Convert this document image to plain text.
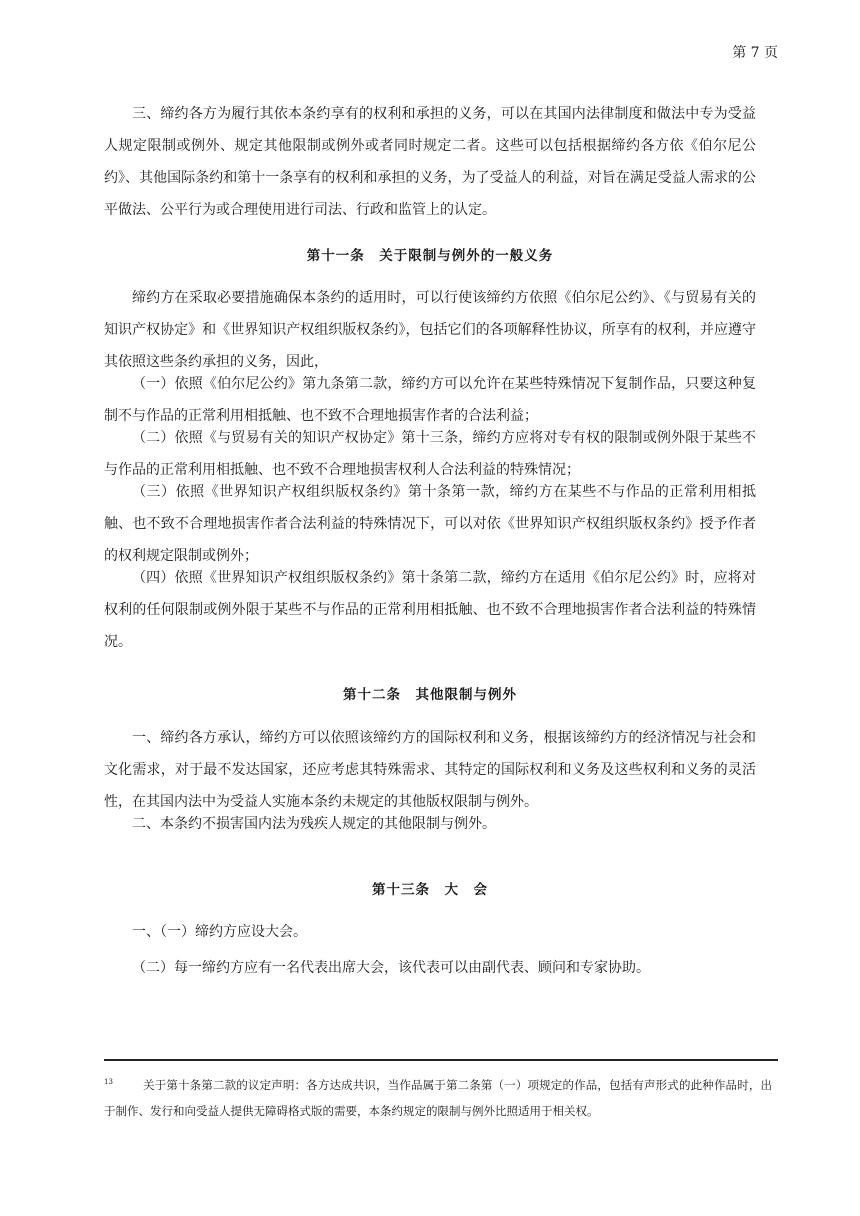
第 7 页

三、缔约各方为履行其依本条约享有的权利和承担的义务，可以在其国内法律制度和做法中专为受益人规定限制或例外、规定其他限制或例外或者同时规定二者。这些可以包括根据缔约各方依《伯尔尼公约》、其他国际条约和第十一条享有的权利和承担的义务，为了受益人的利益，对旨在满足受益人需求的公平做法、公平行为或合理使用进行司法、行政和监管上的认定。

第十一条　关于限制与例外的一般义务

缔约方在采取必要措施确保本条约的适用时，可以行使该缔约方依照《伯尔尼公约》、《与贸易有关的知识产权协定》和《世界知识产权组织版权条约》，包括它们的各项解释性协议，所享有的权利，并应遵守其依照这些条约承担的义务，因此，

（一）依照《伯尔尼公约》第九条第二款，缔约方可以允许在某些特殊情况下复制作品，只要这种复制不与作品的正常利用相抵触、也不致不合理地损害作者的合法利益；

（二）依照《与贸易有关的知识产权协定》第十三条，缔约方应将对专有权的限制或例外限于某些不与作品的正常利用相抵触、也不致不合理地损害权利人合法利益的特殊情况；

（三）依照《世界知识产权组织版权条约》第十条第一款，缔约方在某些不与作品的正常利用相抵触、也不致不合理地损害作者合法利益的特殊情况下，可以对依《世界知识产权组织版权条约》授予作者的权利规定限制或例外；

（四）依照《世界知识产权组织版权条约》第十条第二款，缔约方在适用《伯尔尼公约》时，应将对权利的任何限制或例外限于某些不与作品的正常利用相抵触、也不致不合理地损害作者合法利益的特殊情况。

第十二条　其他限制与例外

一、缔约各方承认，缔约方可以依照该缔约方的国际权利和义务，根据该缔约方的经济情况与社会和文化需求，对于最不发达国家，还应考虑其特殊需求、其特定的国际权利和义务及这些权利和义务的灵活性，在其国内法中为受益人实施本条约未规定的其他版权限制与例外。

二、本条约不损害国内法为残疾人规定的其他限制与例外。

第十三条　大　会

一、（一）缔约方应设大会。

（二）每一缔约方应有一名代表出席大会，该代表可以由副代表、顾问和专家协助。

$^{13}$	关于第十条第二款的议定声明：各方达成共识，当作品属于第二条第（一）项规定的作品，包括有声形式的此种作品时，出于制作、发行和向受益人提供无障碍格式版的需要，本条约规定的限制与例外比照适用于相关权。
